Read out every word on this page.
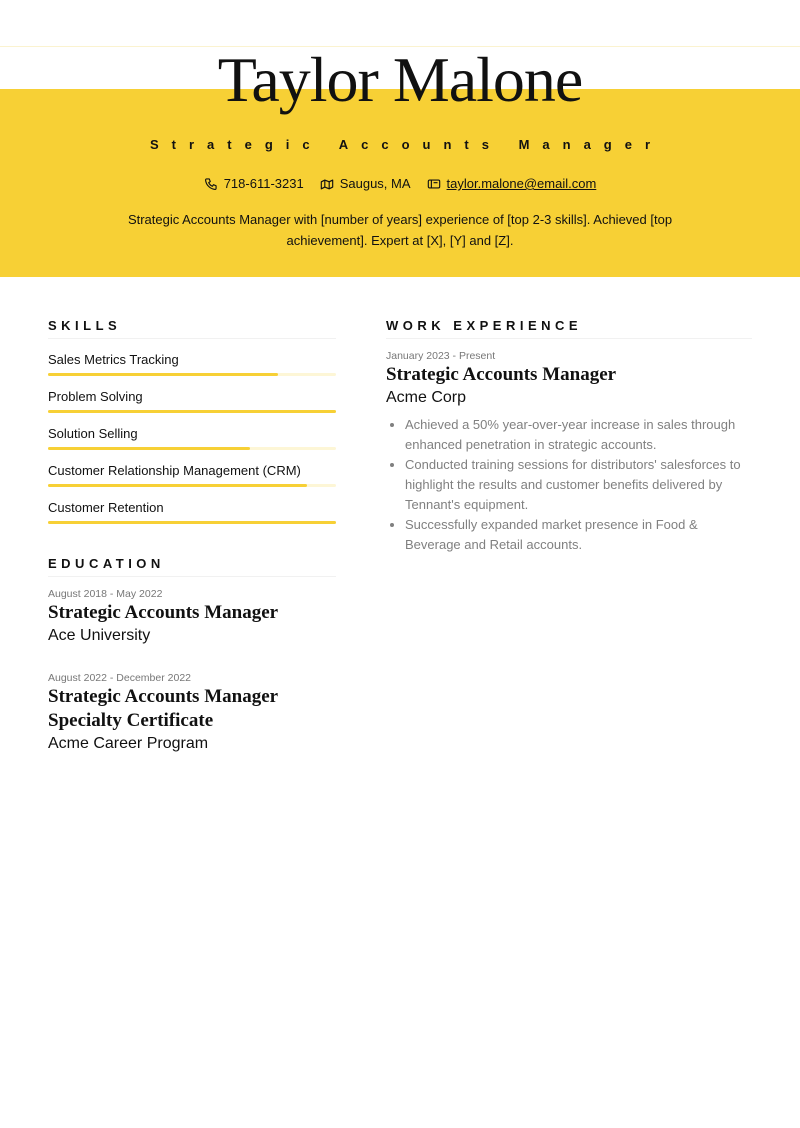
Taylor Malone
Strategic Accounts Manager
718-611-3231	Saugus, MA	taylor.malone@email.com
Strategic Accounts Manager with [number of years] experience of [top 2-3 skills]. Achieved [top achievement]. Expert at [X], [Y] and [Z].
SKILLS
Sales Metrics Tracking
Problem Solving
Solution Selling
Customer Relationship Management (CRM)
Customer Retention
EDUCATION
August 2018 - May 2022
Strategic Accounts Manager
Ace University
August 2022 - December 2022
Strategic Accounts Manager Specialty Certificate
Acme Career Program
WORK EXPERIENCE
January 2023 - Present
Strategic Accounts Manager
Acme Corp
• Achieved a 50% year-over-year increase in sales through enhanced penetration in strategic accounts.
• Conducted training sessions for distributors' salesforces to highlight the results and customer benefits delivered by Tennant's equipment.
• Successfully expanded market presence in Food & Beverage and Retail accounts.
